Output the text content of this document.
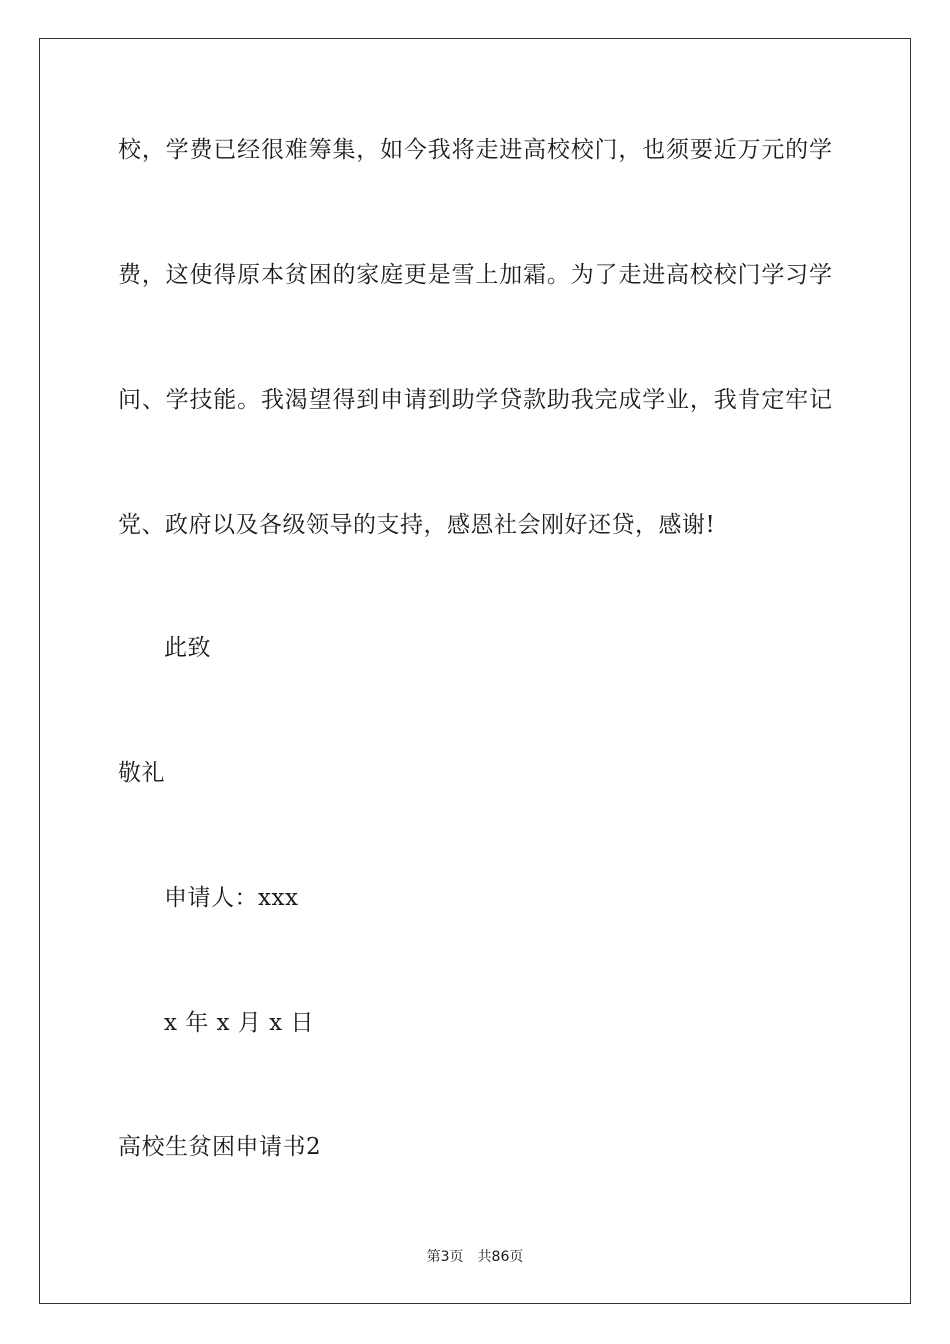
校，学费已经很难筹集，如今我将走进高校校门，也须要近万元的学
费，这使得原本贫困的家庭更是雪上加霜。为了走进高校校门学习学
问、学技能。我渴望得到申请到助学贷款助我完成学业，我肯定牢记
党、政府以及各级领导的支持，感恩社会刚好还贷，感谢!
此致
敬礼
申请人：xxx
x 年 x 月 x 日
高校生贫困申请书2
第3页 共86页
